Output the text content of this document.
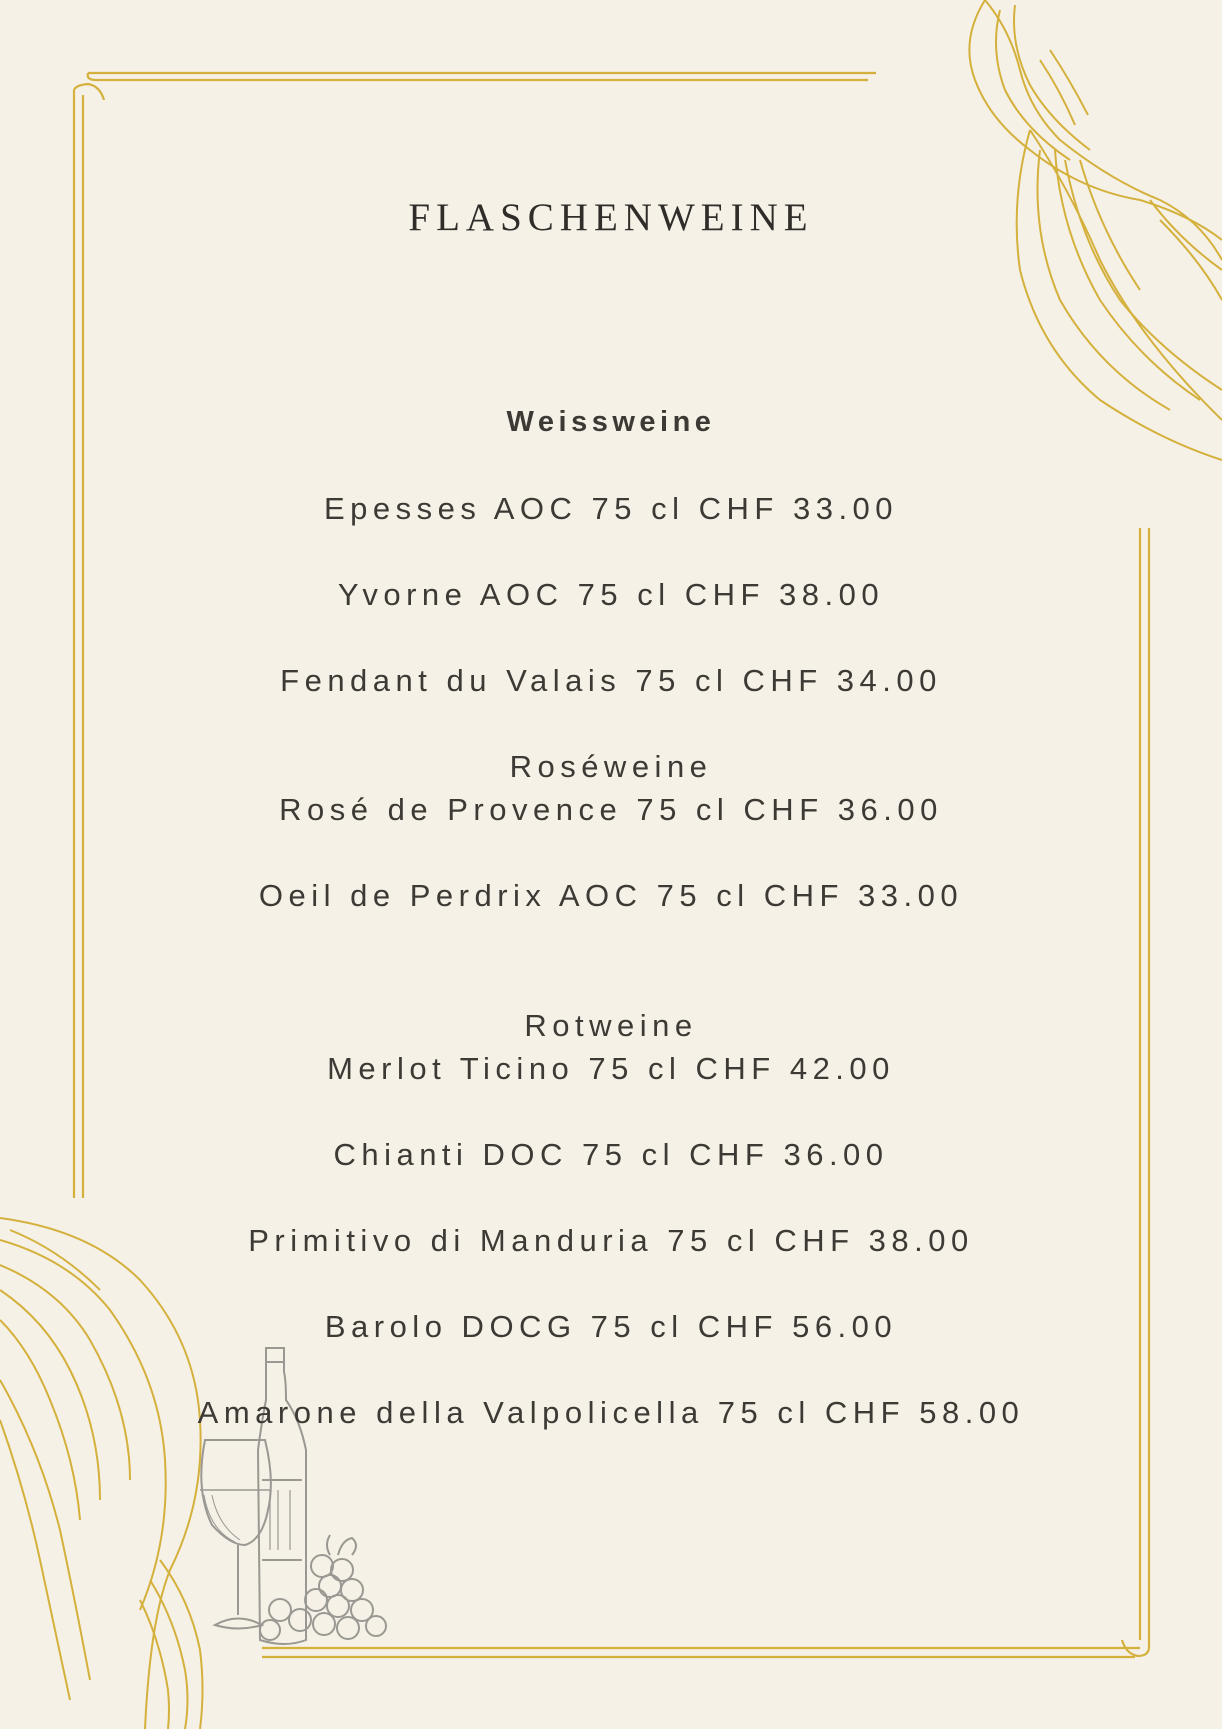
FLASCHENWEINE

Weissweine

Epesses AOC 75 cl CHF 33.00

Yvorne AOC 75 cl CHF 38.00

Fendant du Valais 75 cl CHF 34.00

Roséweine

Rosé de Provence 75 cl CHF 36.00

Oeil de Perdrix AOC 75 cl CHF 33.00

Rotweine

Merlot Ticino 75 cl CHF 42.00

Chianti DOC 75 cl CHF 36.00

Primitivo di Manduria 75 cl CHF 38.00

Barolo DOCG 75 cl CHF 56.00

Amarone della Valpolicella 75 cl CHF 58.00
